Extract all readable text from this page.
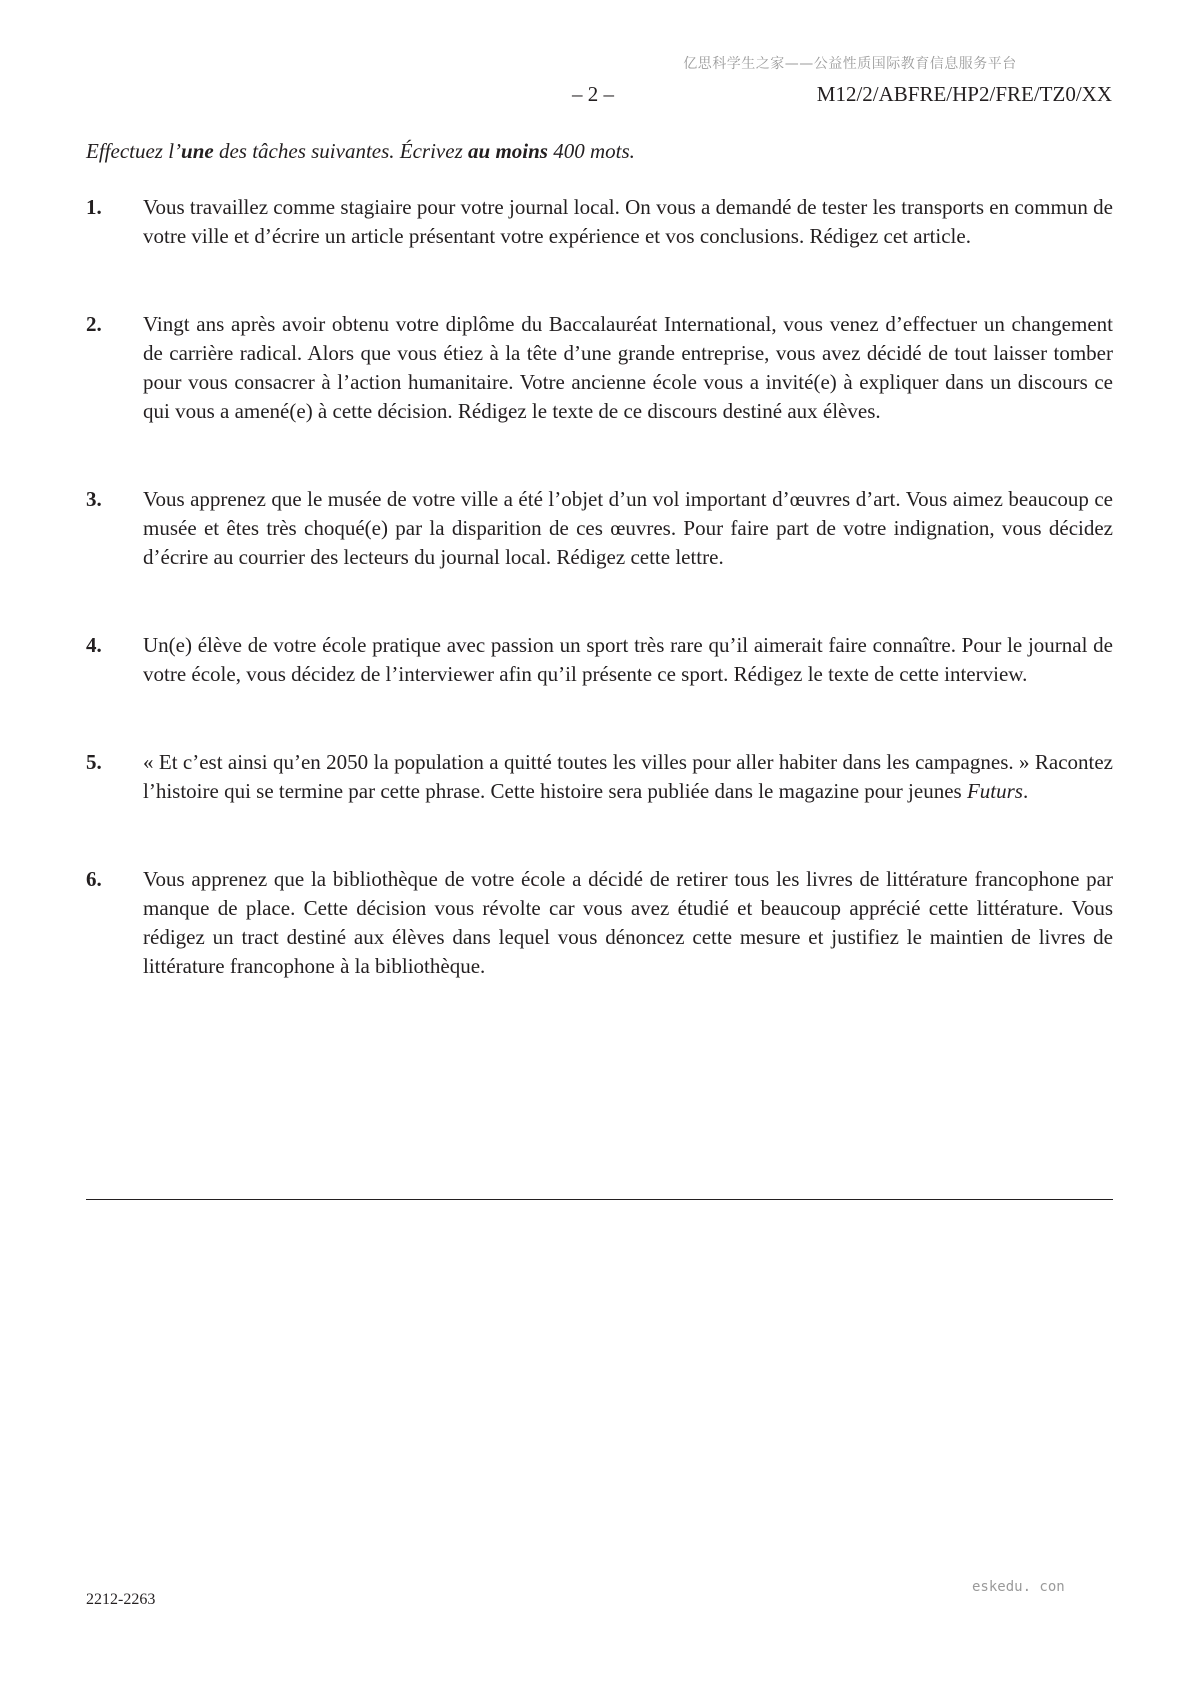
亿思科学生之家——公益性质国际教育信息服务平台
– 2 –	M12/2/ABFRE/HP2/FRE/TZ0/XX
Effectuez l’une des tâches suivantes. Écrivez au moins 400 mots.
1.	Vous travaillez comme stagiaire pour votre journal local. On vous a demandé de tester les transports en commun de votre ville et d’écrire un article présentant votre expérience et vos conclusions. Rédigez cet article.
2.	Vingt ans après avoir obtenu votre diplôme du Baccalauréat International, vous venez d’effectuer un changement de carrière radical. Alors que vous étiez à la tête d’une grande entreprise, vous avez décidé de tout laisser tomber pour vous consacrer à l’action humanitaire. Votre ancienne école vous a invité(e) à expliquer dans un discours ce qui vous a amené(e) à cette décision. Rédigez le texte de ce discours destiné aux élèves.
3.	Vous apprenez que le musée de votre ville a été l’objet d’un vol important d’œuvres d’art. Vous aimez beaucoup ce musée et êtes très choqué(e) par la disparition de ces œuvres. Pour faire part de votre indignation, vous décidez d’écrire au courrier des lecteurs du journal local. Rédigez cette lettre.
4.	Un(e) élève de votre école pratique avec passion un sport très rare qu’il aimerait faire connaître. Pour le journal de votre école, vous décidez de l’interviewer afin qu’il présente ce sport. Rédigez le texte de cette interview.
5.	« Et c’est ainsi qu’en 2050 la population a quitté toutes les villes pour aller habiter dans les campagnes. » Racontez l’histoire qui se termine par cette phrase. Cette histoire sera publiée dans le magazine pour jeunes Futurs.
6.	Vous apprenez que la bibliothèque de votre école a décidé de retirer tous les livres de littérature francophone par manque de place. Cette décision vous révolte car vous avez étudié et beaucoup apprécié cette littérature. Vous rédigez un tract destiné aux élèves dans lequel vous dénoncez cette mesure et justifiez le maintien de livres de littérature francophone à la bibliothèque.
2212-2263
eskedu. con
